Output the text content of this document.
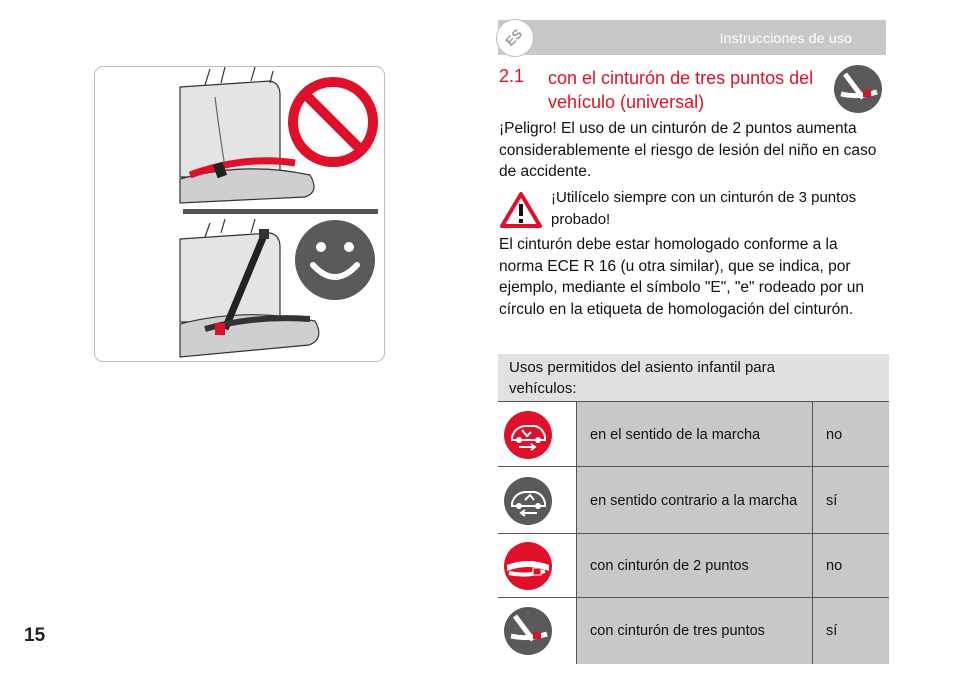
ES	Instrucciones de uso
2.1 con el cinturón de tres puntos del vehículo (universal)
¡Peligro! El uso de un cinturón de 2 puntos aumenta considerablemente el riesgo de lesión del niño en caso de accidente.
¡Utilícelo siempre con un cinturón de 3 puntos probado!
El cinturón debe estar homologado conforme a la norma ECE R 16 (u otra similar), que se indica, por ejemplo, mediante el símbolo "E", "e" rodeado por un círculo en la etiqueta de homologación del cinturón.
Usos permitidos del asiento infantil para vehículos:
en el sentido de la marcha	no
en sentido contrario a la marcha	sí
con cinturón de 2 puntos	no
con cinturón de tres puntos	sí
15
